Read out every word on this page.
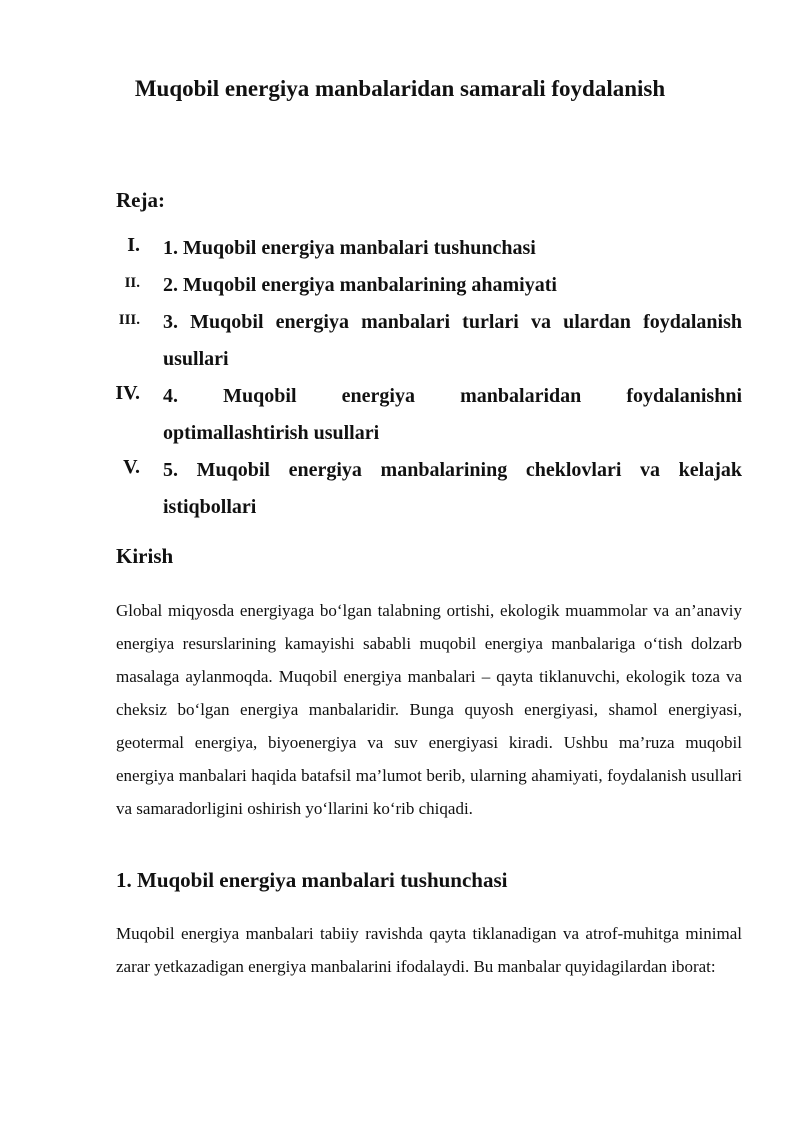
Muqobil energiya manbalaridan samarali foydalanish
Reja:
I. 1. Muqobil energiya manbalari tushunchasi
II. 2. Muqobil energiya manbalarining ahamiyati
III. 3. Muqobil energiya manbalari turlari va ulardan foydalanish usullari
IV. 4. Muqobil energiya manbalaridan foydalanishni
optimallashtirish usullari
V. 5. Muqobil energiya manbalarining cheklovlari va kelajak istiqbollari
Kirish

Global miqyosda energiyaga bo‘lgan talabning ortishi, ekologik muammolar va an’anaviy energiya resurslarining kamayishi sababli muqobil energiya manbalariga o‘tish dolzarb masalaga aylanmoqda. Muqobil energiya manbalari – qayta tiklanuvchi, ekologik toza va cheksiz bo‘lgan energiya manbalaridir. Bunga quyosh energiyasi, shamol energiyasi, geotermal energiya, biyoenergiya va suv energiyasi kiradi. Ushbu ma’ruza muqobil energiya manbalari haqida batafsil ma’lumot berib, ularning ahamiyati, foydalanish usullari va samaradorligini oshirish yo‘llarini ko‘rib chiqadi.

1. Muqobil energiya manbalari tushunchasi

Muqobil energiya manbalari tabiiy ravishda qayta tiklanadigan va atrof-muhitga minimal zarar yetkazadigan energiya manbalarini ifodalaydi. Bu manbalar quyidagilardan iborat:
